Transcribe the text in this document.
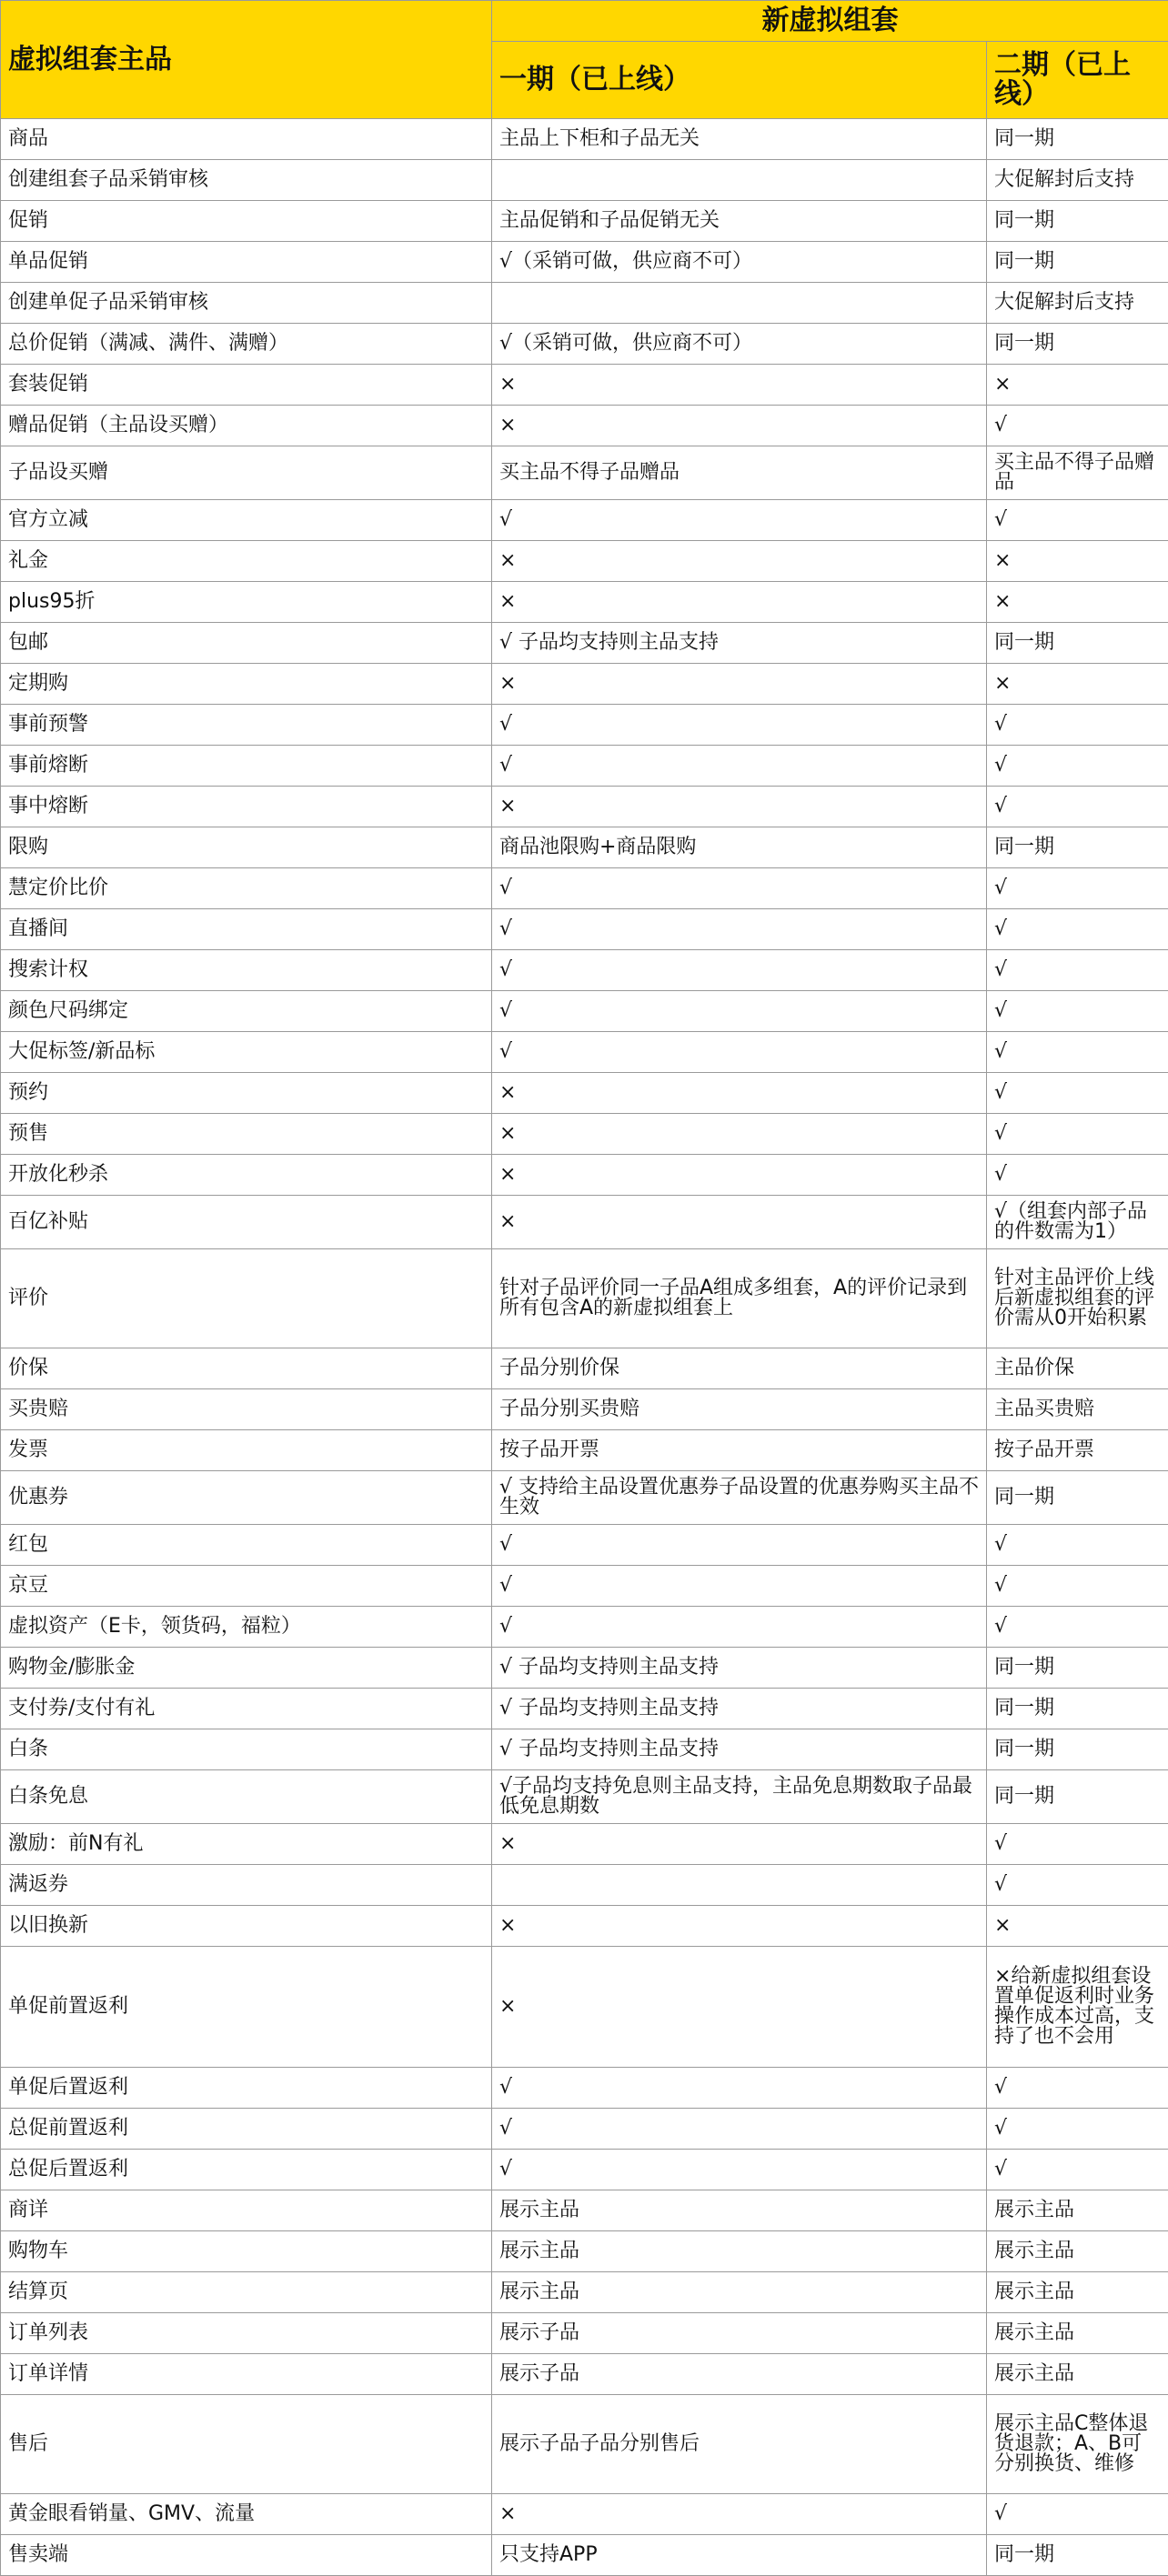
虚拟组套主品	新虚拟组套	
	一期（已上线）	二期（已上线）
商品	主品上下柜和子品无关	同一期
创建组套子品采销审核		大促解封后支持
促销	主品促销和子品促销无关	同一期
单品促销	√（采销可做，供应商不可）	同一期
创建单促子品采销审核		大促解封后支持
总价促销（满减、满件、满赠）	√（采销可做，供应商不可）	同一期
套装促销	×	×
赠品促销（主品设买赠）	×	√
子品设买赠	买主品不得子品赠品	买主品不得子品赠品
官方立减	√	√
礼金	×	×
plus95折	×	×
包邮	√ 子品均支持则主品支持	同一期
定期购	×	×
事前预警	√	√
事前熔断	√	√
事中熔断	×	√
限购	商品池限购+商品限购	同一期
慧定价比价	√	√
直播间	√	√
搜索计权	√	√
颜色尺码绑定	√	√
大促标签/新品标	√	√
预约	×	√
预售	×	√
开放化秒杀	×	√
百亿补贴	×	√（组套内部子品的件数需为1）
评价	针对子品评价同一子品A组成多组套，A的评价记录到所有包含A的新虚拟组套上	针对主品评价上线后新虚拟组套的评价需从0开始积累
价保	子品分别价保	主品价保
买贵赔	子品分别买贵赔	主品买贵赔
发票	按子品开票	按子品开票
优惠券	√ 支持给主品设置优惠券子品设置的优惠券购买主品不生效	同一期
红包	√	√
京豆	√	√
虚拟资产（E卡，领货码，福粒）	√	√
购物金/膨胀金	√ 子品均支持则主品支持	同一期
支付券/支付有礼	√ 子品均支持则主品支持	同一期
白条	√ 子品均支持则主品支持	同一期
白条免息	√子品均支持免息则主品支持，主品免息期数取子品最低免息期数	同一期
激励：前N有礼	×	√
满返券		√
以旧换新	×	×
单促前置返利	×	×给新虚拟组套设置单促返利时业务操作成本过高，支持了也不会用
单促后置返利	√	√
总促前置返利	√	√
总促后置返利	√	√
商详	展示主品	展示主品
购物车	展示主品	展示主品
结算页	展示主品	展示主品
订单列表	展示子品	展示主品
订单详情	展示子品	展示主品
售后	展示子品子品分别售后	展示主品C整体退货退款；A、B可分别换货、维修
黄金眼看销量、GMV、流量	×	√
售卖端	只支持APP	同一期
